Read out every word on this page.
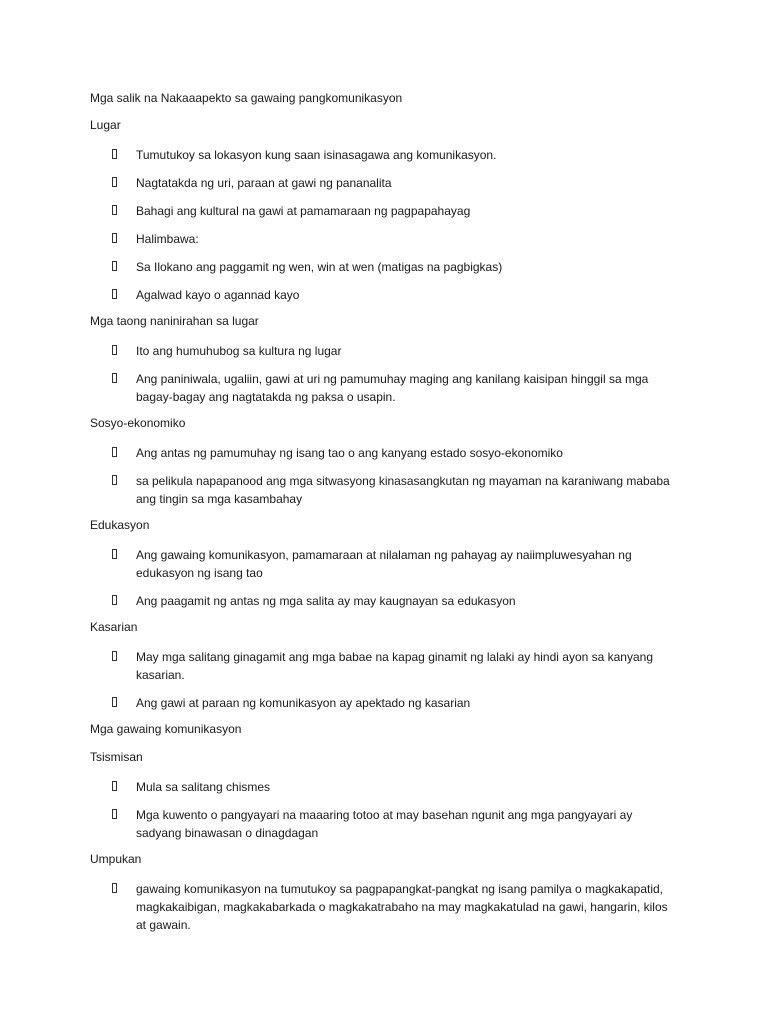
Mga salik na Nakaaapekto sa gawaing pangkomunikasyon
Lugar
Tumutukoy sa lokasyon kung saan isinasagawa ang komunikasyon.
Nagtatakda ng uri, paraan at gawi ng pananalita
Bahagi ang kultural na gawi at pamamaraan ng pagpapahayag
Halimbawa:
Sa Ilokano ang paggamit ng wen, win at wen (matigas na pagbigkas)
Agalwad kayo o agannad kayo
Mga taong naninirahan sa lugar
Ito ang humuhubog sa kultura ng lugar
Ang paniniwala, ugaliin, gawi at uri ng pamumuhay maging ang kanilang kaisipan hinggil sa mga bagay-bagay ang nagtatakda ng paksa o usapin.
Sosyo-ekonomiko
Ang antas ng pamumuhay ng isang tao o ang kanyang estado sosyo-ekonomiko
sa pelikula napapanood ang mga sitwasyong kinasasangkutan ng mayaman na karaniwang mababa ang tingin sa mga kasambahay
Edukasyon
Ang gawaing komunikasyon, pamamaraan at nilalaman ng pahayag ay naiimpluwesyahan ng edukasyon ng isang tao
Ang paagamit ng antas ng mga salita ay may kaugnayan sa edukasyon
Kasarian
May mga salitang ginagamit ang mga babae na kapag ginamit ng lalaki ay hindi ayon sa kanyang kasarian.
Ang gawi at paraan ng komunikasyon ay apektado ng kasarian
Mga gawaing komunikasyon
Tsismisan
Mula sa salitang chismes
Mga kuwento o pangyayari na maaaring totoo at may basehan ngunit ang mga pangyayari ay sadyang binawasan o dinagdagan
Umpukan
gawaing komunikasyon na tumutukoy sa pagpapangkat-pangkat ng isang pamilya o magkakapatid, magkakaibigan, magkakabarkada o magkakatrabaho na may magkakatulad na gawi, hangarin, kilos at gawain.
